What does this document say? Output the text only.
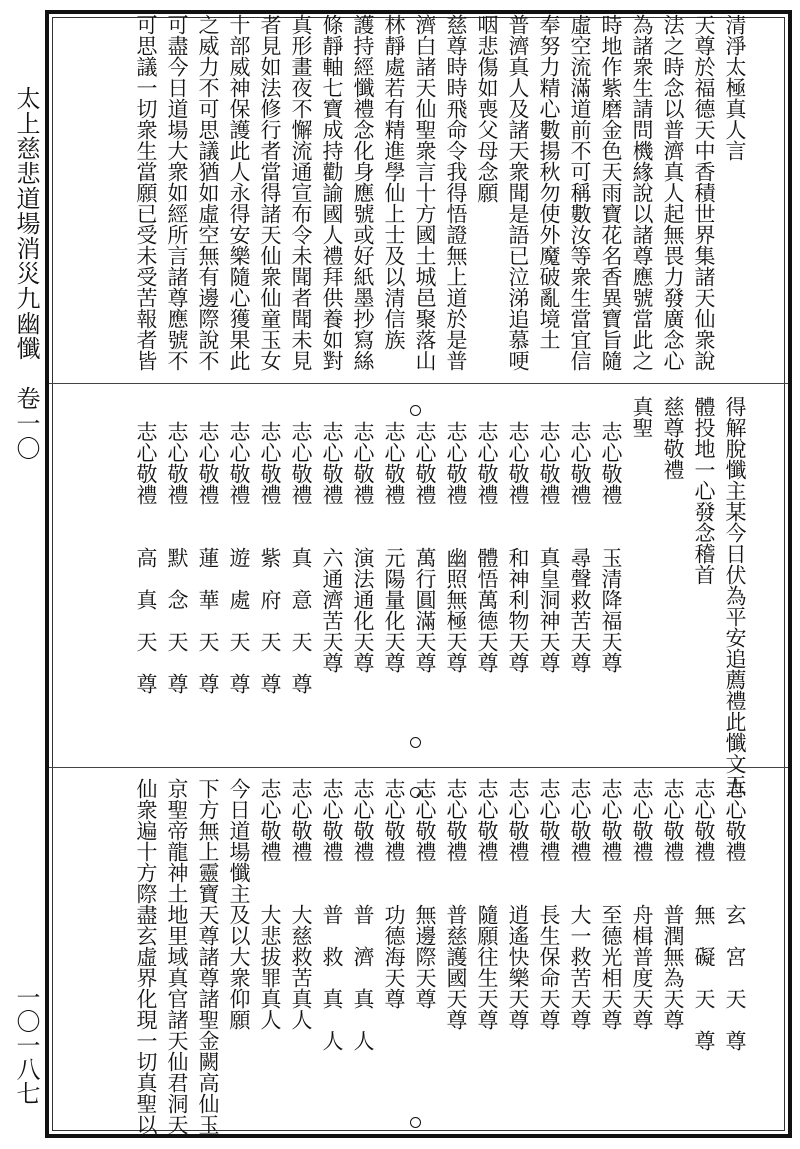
太上慈悲道場消災九幽懺　卷一〇
一〇一八七

清淨太極真人言

天尊於福德天中香積世界集諸天仙衆說

法之時念以普濟真人起無畏力發廣念心

為諸衆生請問機緣說以諸尊應號當此之

時地作紫磨金色天雨寶花名香異寶旨隨

虛空流滿道前不可稱數汝等衆生當宜信

奉努力精心數揚秋勿使外魔破亂境土

普濟真人及諸天衆聞是語已泣涕追慕哽

咽悲傷如喪父母念願

慈尊時時飛命令我得悟證無上道於是普

濟白諸天仙聖衆言十方國土城邑聚落山

林靜處若有精進學仙上士及以清信族

護持經懺禮念化身應號或好紙墨抄寫絲

條靜軸七寶成持勸諭國人禮拜供養如對

真形畫夜不懈流通宣布令未聞者聞未見

者見如法修行者當得諸天仙衆仙童玉女

十部威神保護此人永得安樂隨心獲果此

之威力不可思議猶如虛空無有邊際說不

可盡今日道場大衆如經所言諸尊應號不

可思議一切衆生當願已受未受苦報者皆

得解脫懺主某今日伏為平安追薦禮此懺文五

體投地一心發念稽首

慈尊敬禮

真聖

志心敬禮　　玉清降福天尊

志心敬禮　　尋聲救苦天尊

志心敬禮　　真皇洞神天尊

志心敬禮　　和神利物天尊

志心敬禮　　體悟萬德天尊

志心敬禮　　幽照無極天尊

志心敬禮　　萬行圓滿天尊

志心敬禮　　元陽量化天尊

志心敬禮　　演法通化天尊

志心敬禮　　六通濟苦天尊

志心敬禮　　真　意　天　尊

志心敬禮　　紫　府　天　尊

志心敬禮　　遊　處　天　尊

志心敬禮　　蓮　華　天　尊

志心敬禮　　默　念　天　尊

志心敬禮　　高　真　天　尊

志心敬禮　　玄　宮　天　尊

志心敬禮　　無　礙　天　尊

志心敬禮　　普潤無為天尊

志心敬禮　　舟楫普度天尊

志心敬禮　　至德光相天尊

志心敬禮　　大一救苦天尊

志心敬禮　　長生保命天尊

志心敬禮　　逍遙快樂天尊

志心敬禮　　隨願往生天尊

志心敬禮　　普慈護國天尊

志心敬禮　　無邊際天尊

志心敬禮　　功德海天尊

志心敬禮　　普　濟　真　人

志心敬禮　　普　救　真　人

志心敬禮　　大慈救苦真人

志心敬禮　　大悲拔罪真人

今日道場懺主及以大衆仰願

下方無上靈寶天尊諸尊諸聖金闕高仙玉

京聖帝龍神土地里域真官諸天仙君洞天

仙衆遍十方際盡玄虛界化現一切真聖以
